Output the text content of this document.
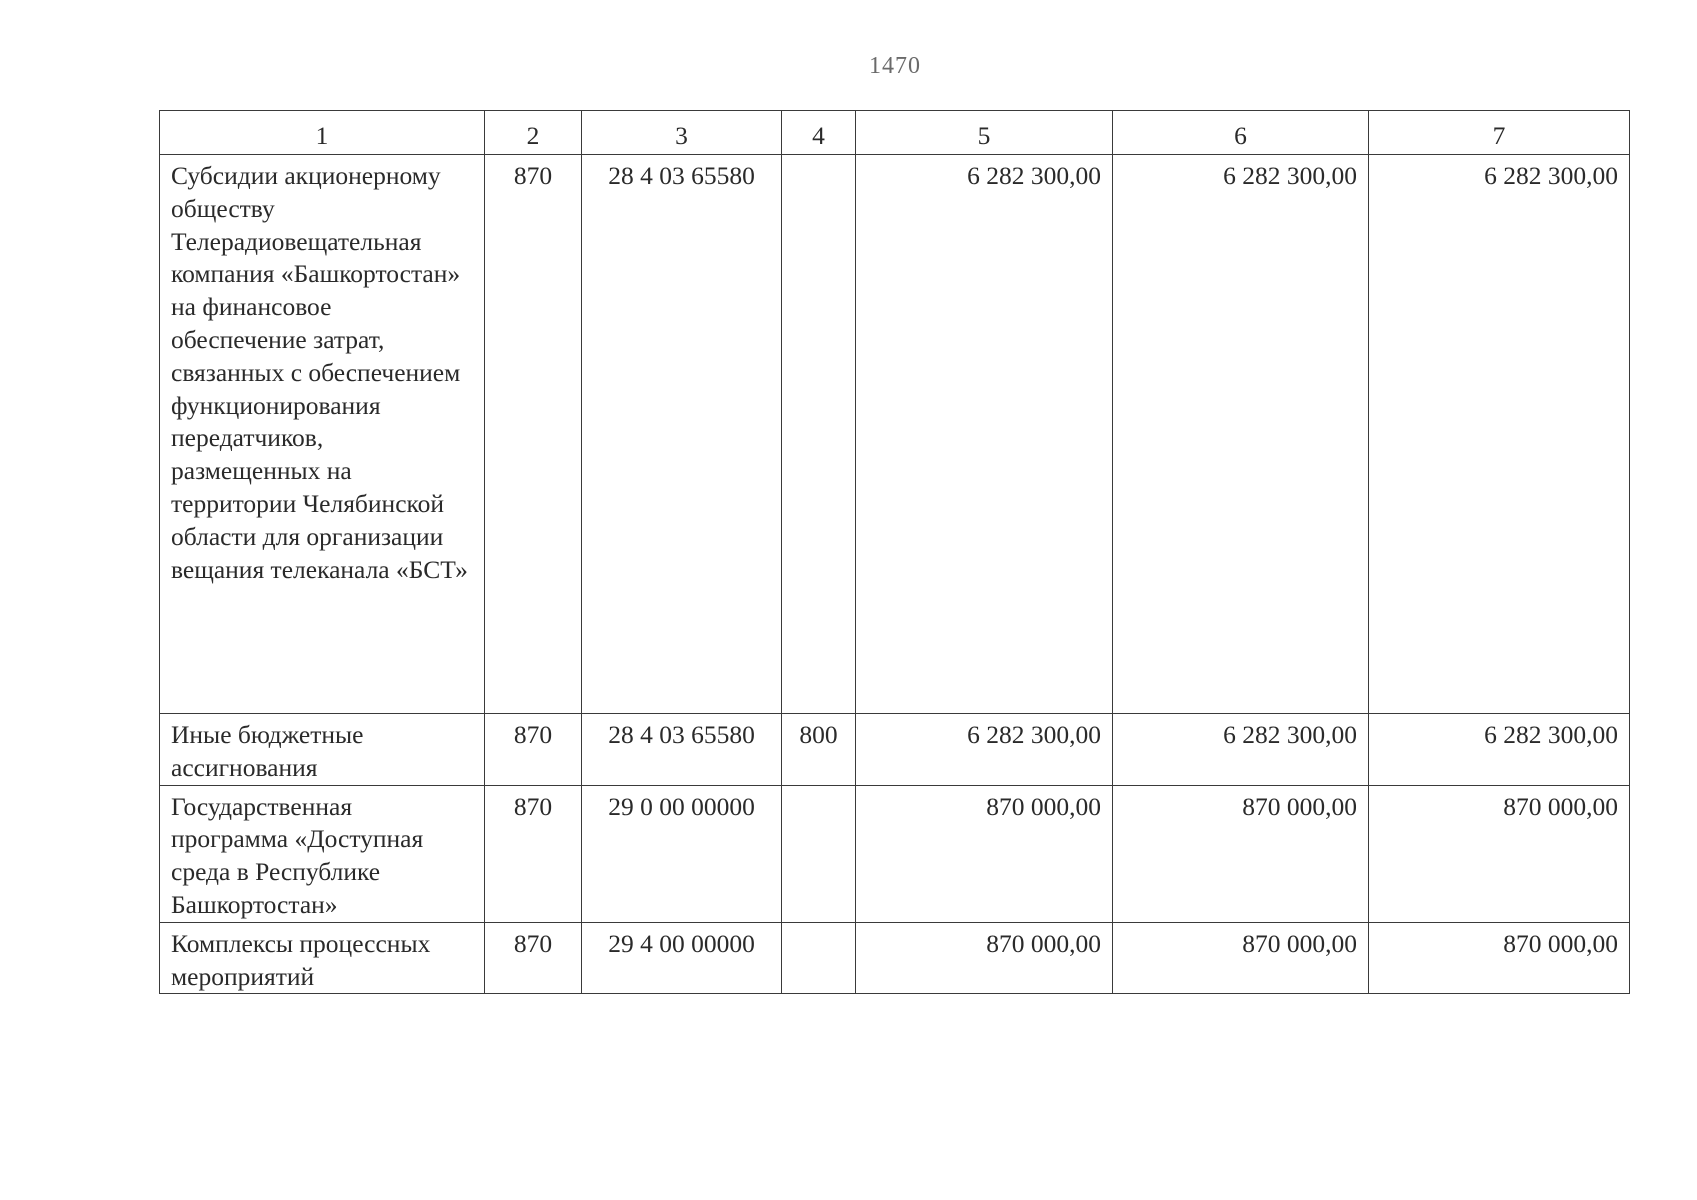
1470
1	2	3	4	5	6	7
Субсидии акционерному обществу Телерадиовещательная компания «Башкортостан» на финансовое обеспечение затрат, связанных с обеспечением функционирования передатчиков, размещенных на территории Челябинской области для организации вещания телеканала «БСТ»	870	28 4 03 65580		6 282 300,00	6 282 300,00	6 282 300,00
Иные бюджетные ассигнования	870	28 4 03 65580	800	6 282 300,00	6 282 300,00	6 282 300,00
Государственная программа «Доступная среда в Республике Башкортостан»	870	29 0 00 00000		870 000,00	870 000,00	870 000,00
Комплексы процессных мероприятий	870	29 4 00 00000		870 000,00	870 000,00	870 000,00
